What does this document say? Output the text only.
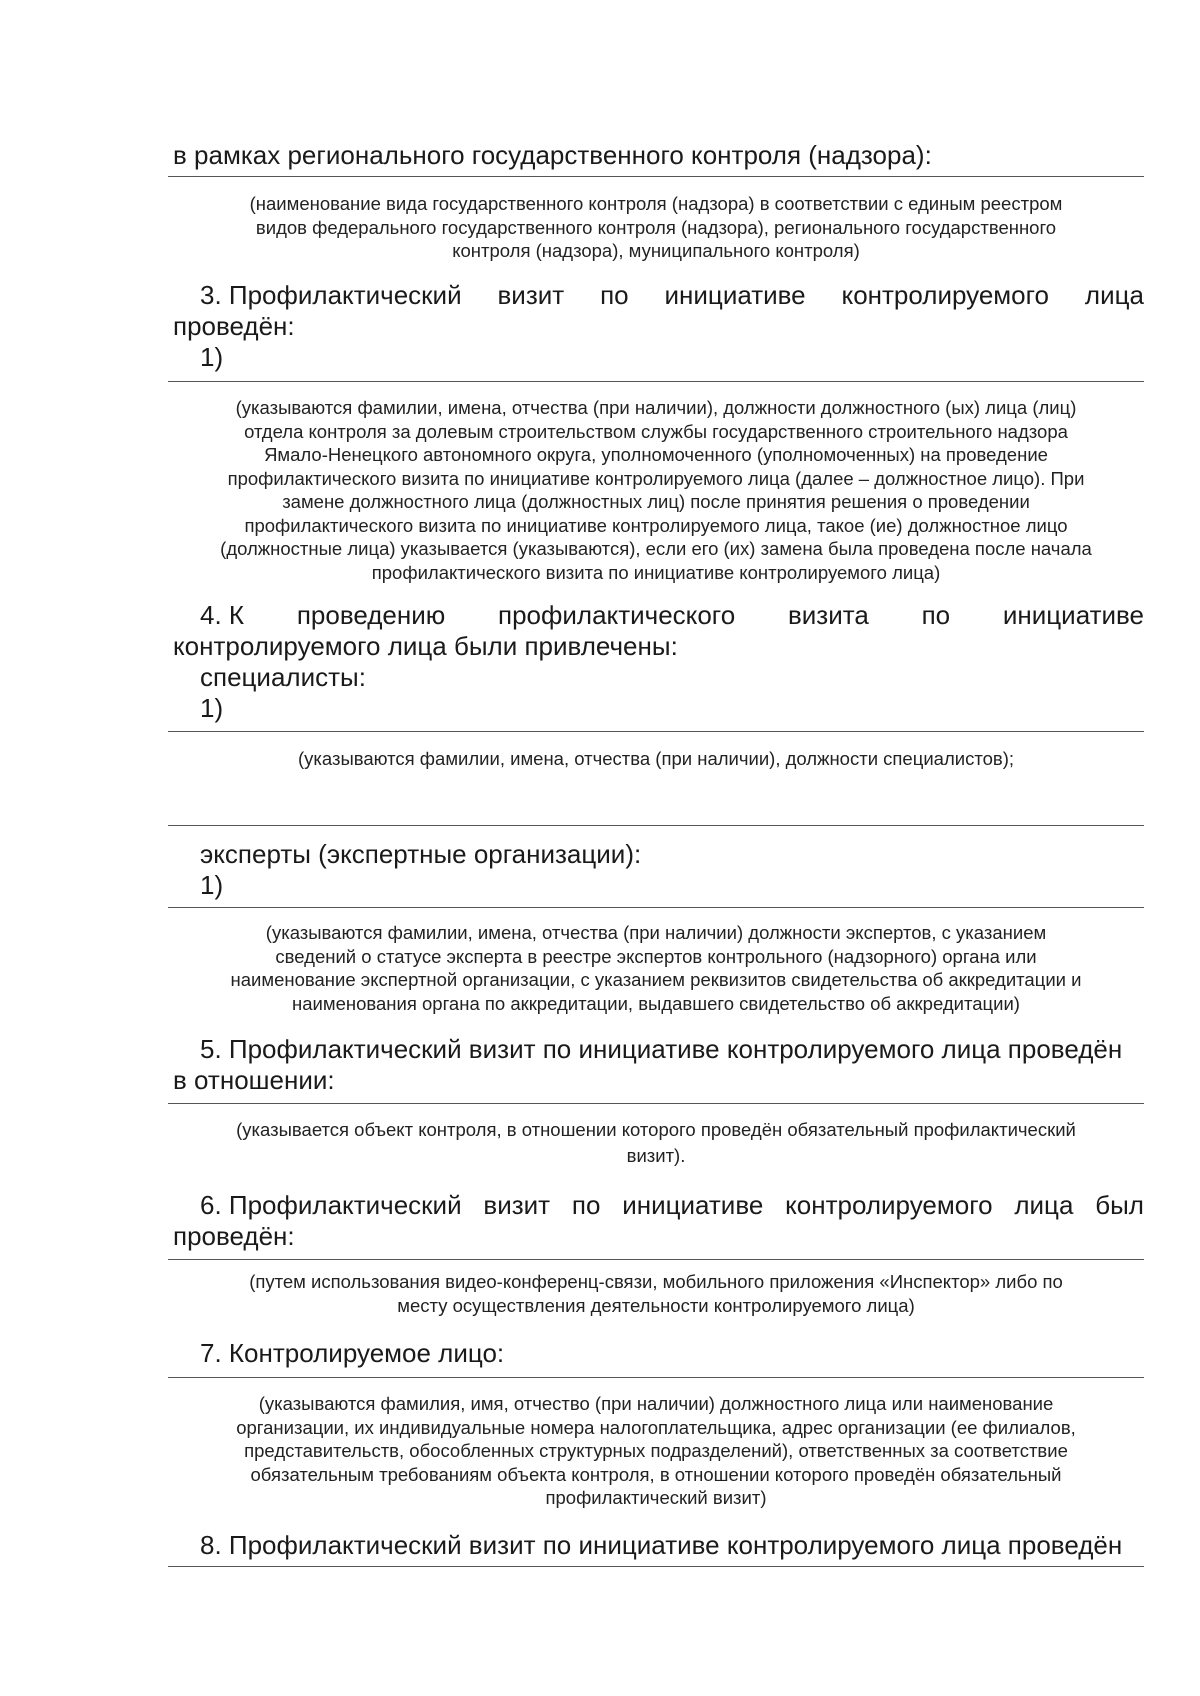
в рамках регионального государственного контроля (надзора):
(наименование вида государственного контроля (надзора) в соответствии с единым реестром
видов федерального государственного контроля (надзора), регионального государственного
контроля (надзора), муниципального контроля)
3. Профилактический визит по инициативе контролируемого лица
проведён:
1)
(указываются фамилии, имена, отчества (при наличии), должности должностного (ых) лица (лиц)
отдела контроля за долевым строительством службы государственного строительного надзора
Ямало-Ненецкого автономного округа, уполномоченного (уполномоченных) на проведение
профилактического визита по инициативе контролируемого лица (далее – должностное лицо). При
замене должностного лица (должностных лиц) после принятия решения о проведении
профилактического визита по инициативе контролируемого лица, такое (ие) должностное лицо
(должностные лица) указывается (указываются), если его (их) замена была проведена после начала
профилактического визита по инициативе контролируемого лица)
4. К проведению профилактического визита по инициативе
контролируемого лица были привлечены:
специалисты:
1)
(указываются фамилии, имена, отчества (при наличии), должности специалистов);
эксперты (экспертные организации):
1)
(указываются фамилии, имена, отчества (при наличии) должности экспертов, с указанием
сведений о статусе эксперта в реестре экспертов контрольного (надзорного) органа или
наименование экспертной организации, с указанием реквизитов свидетельства об аккредитации и
наименования органа по аккредитации, выдавшего свидетельство об аккредитации)
5. Профилактический визит по инициативе контролируемого лица проведён
в отношении:
(указывается объект контроля, в отношении которого проведён обязательный профилактический
визит).
6. Профилактический визит по инициативе контролируемого лица был
проведён:
(путем использования видео-конференц-связи, мобильного приложения «Инспектор» либо по
месту осуществления деятельности контролируемого лица)
7. Контролируемое лицо:
(указываются фамилия, имя, отчество (при наличии) должностного лица или наименование
организации, их индивидуальные номера налогоплательщика, адрес организации (ее филиалов,
представительств, обособленных структурных подразделений), ответственных за соответствие
обязательным требованиям объекта контроля, в отношении которого проведён обязательный
профилактический визит)
8. Профилактический визит по инициативе контролируемого лица проведён
